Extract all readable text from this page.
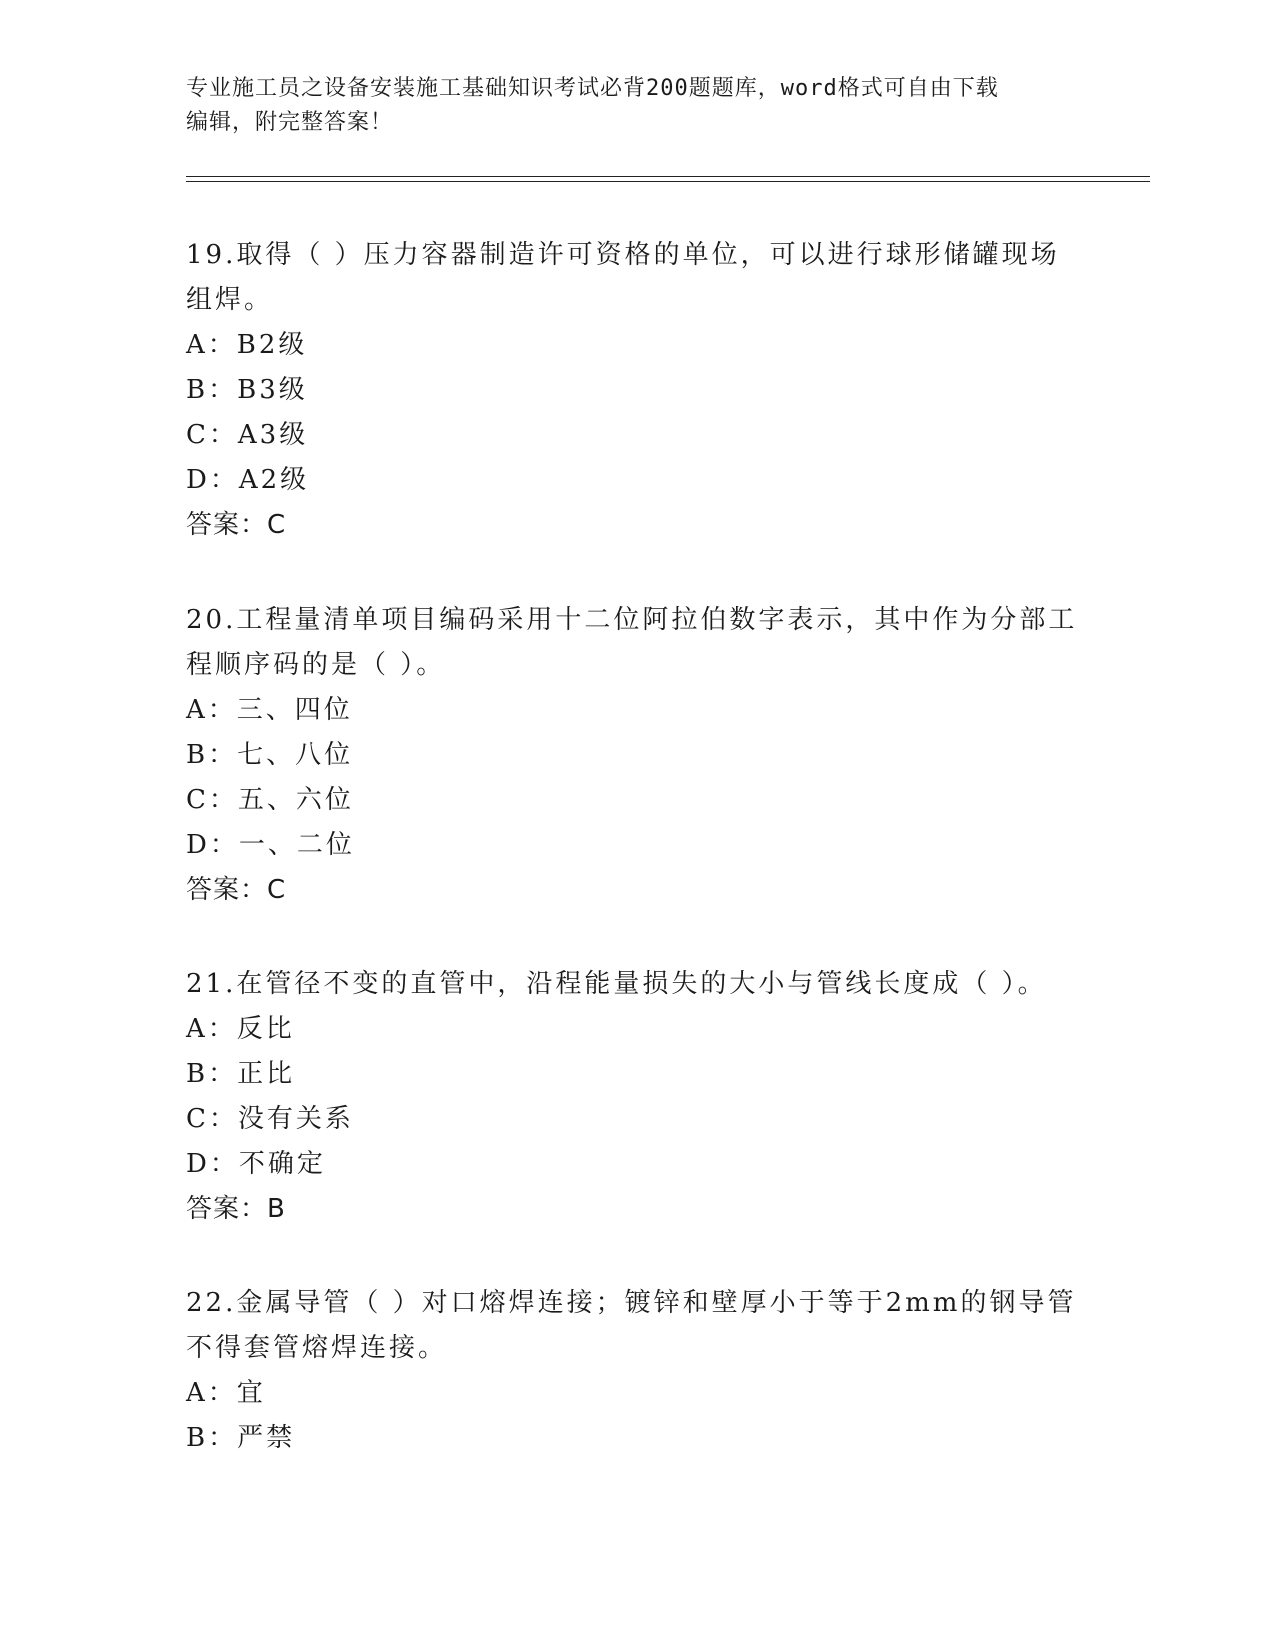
专业施工员之设备安装施工基础知识考试必背200题题库，word格式可自由下载
编辑，附完整答案！

19.取得（ ）压力容器制造许可资格的单位，可以进行球形储罐现场

组焊。

A：B2级

B：B3级

C：A3级

D：A2级

答案：C

20.工程量清单项目编码采用十二位阿拉伯数字表示，其中作为分部工

程顺序码的是（ ）。

A：三、四位

B：七、八位

C：五、六位

D：一、二位

答案：C

21.在管径不变的直管中，沿程能量损失的大小与管线长度成（ ）。

A：反比

B：正比

C：没有关系

D：不确定

答案：B

22.金属导管（ ）对口熔焊连接；镀锌和壁厚小于等于2mm的钢导管

不得套管熔焊连接。

A：宜

B：严禁
